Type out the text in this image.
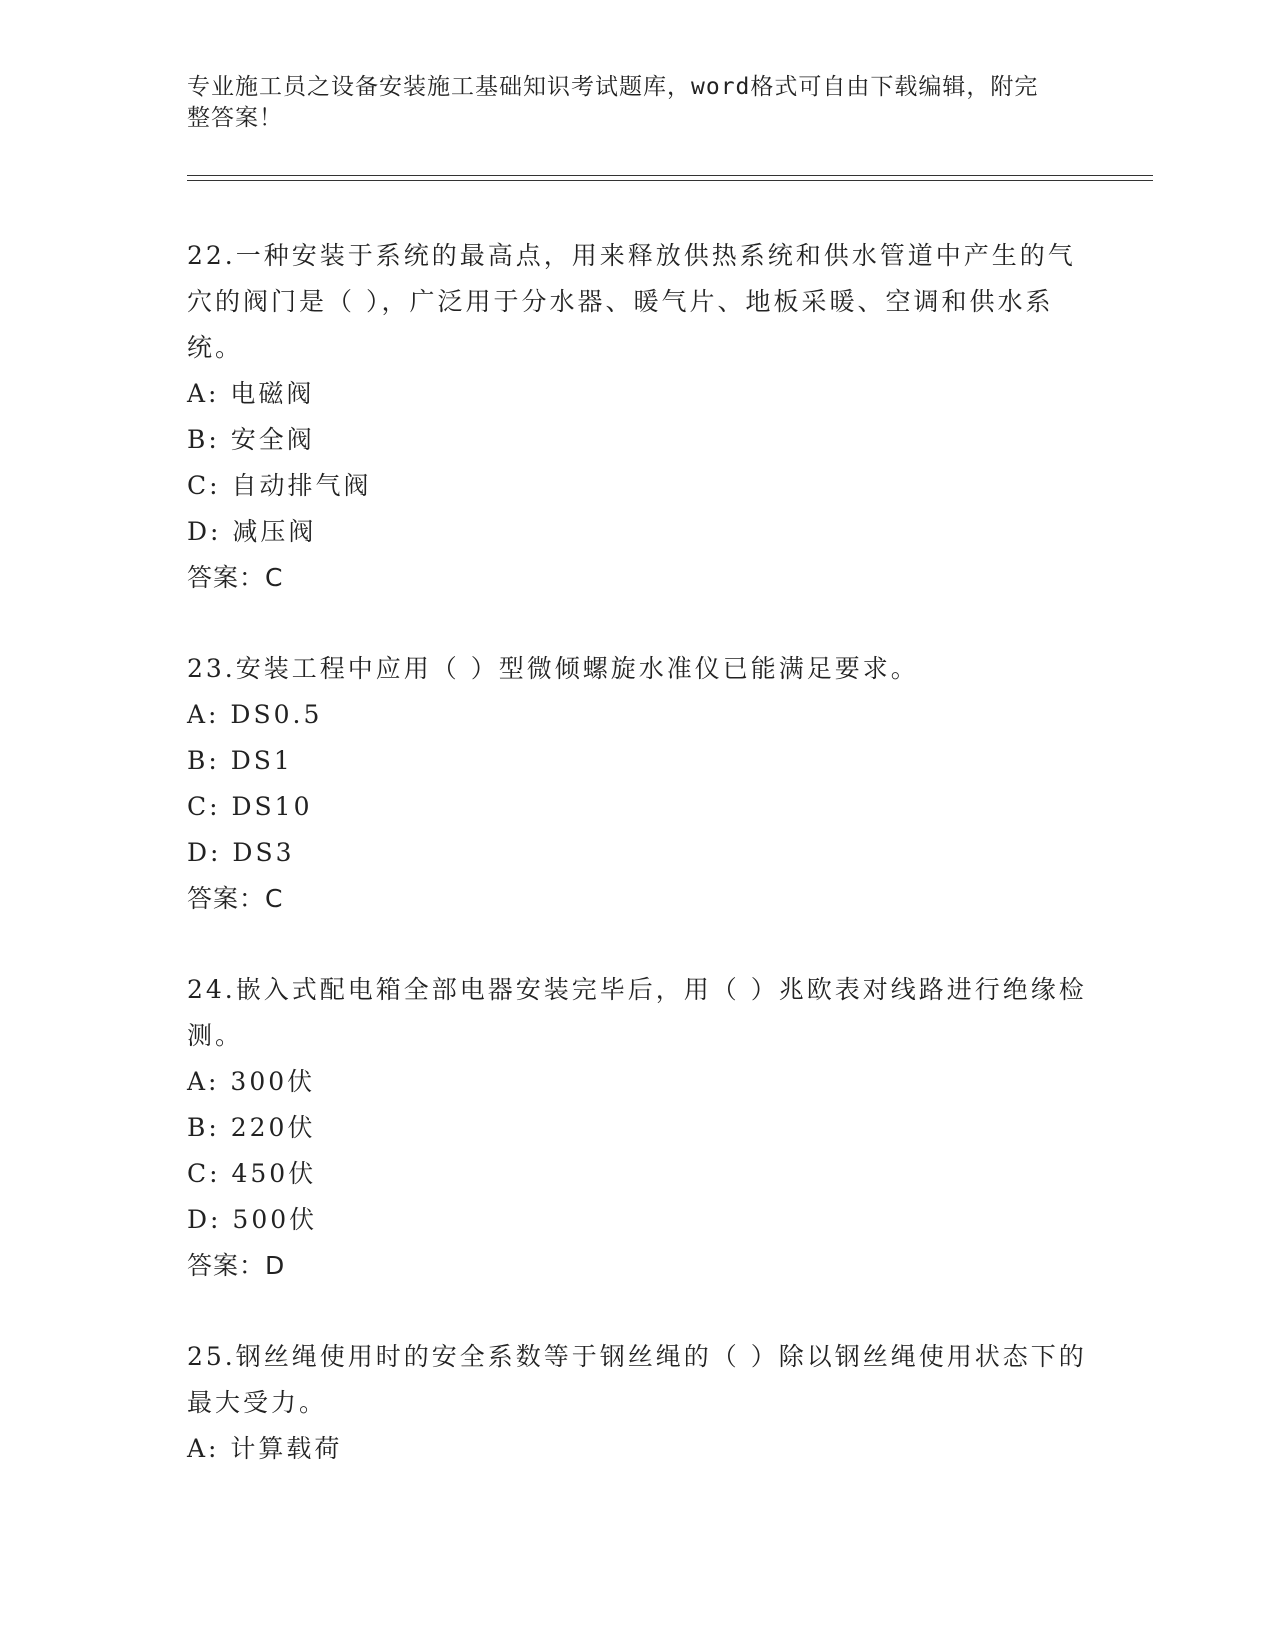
专业施工员之设备安装施工基础知识考试题库，word格式可自由下载编辑，附完
整答案！
22.一种安装于系统的最高点，用来释放供热系统和供水管道中产生的气穴的阀门是（ ），广泛用于分水器、暖气片、地板采暖、空调和供水系统。
A: 电磁阀
B: 安全阀
C: 自动排气阀
D: 减压阀
答案：C
23.安装工程中应用（ ）型微倾螺旋水准仪已能满足要求。
A: DS0.5
B: DS1
C: DS10
D: DS3
答案：C
24.嵌入式配电箱全部电器安装完毕后，用（ ）兆欧表对线路进行绝缘检测。
A: 300伏
B: 220伏
C: 450伏
D: 500伏
答案：D
25.钢丝绳使用时的安全系数等于钢丝绳的（ ）除以钢丝绳使用状态下的最大受力。
A: 计算载荷
